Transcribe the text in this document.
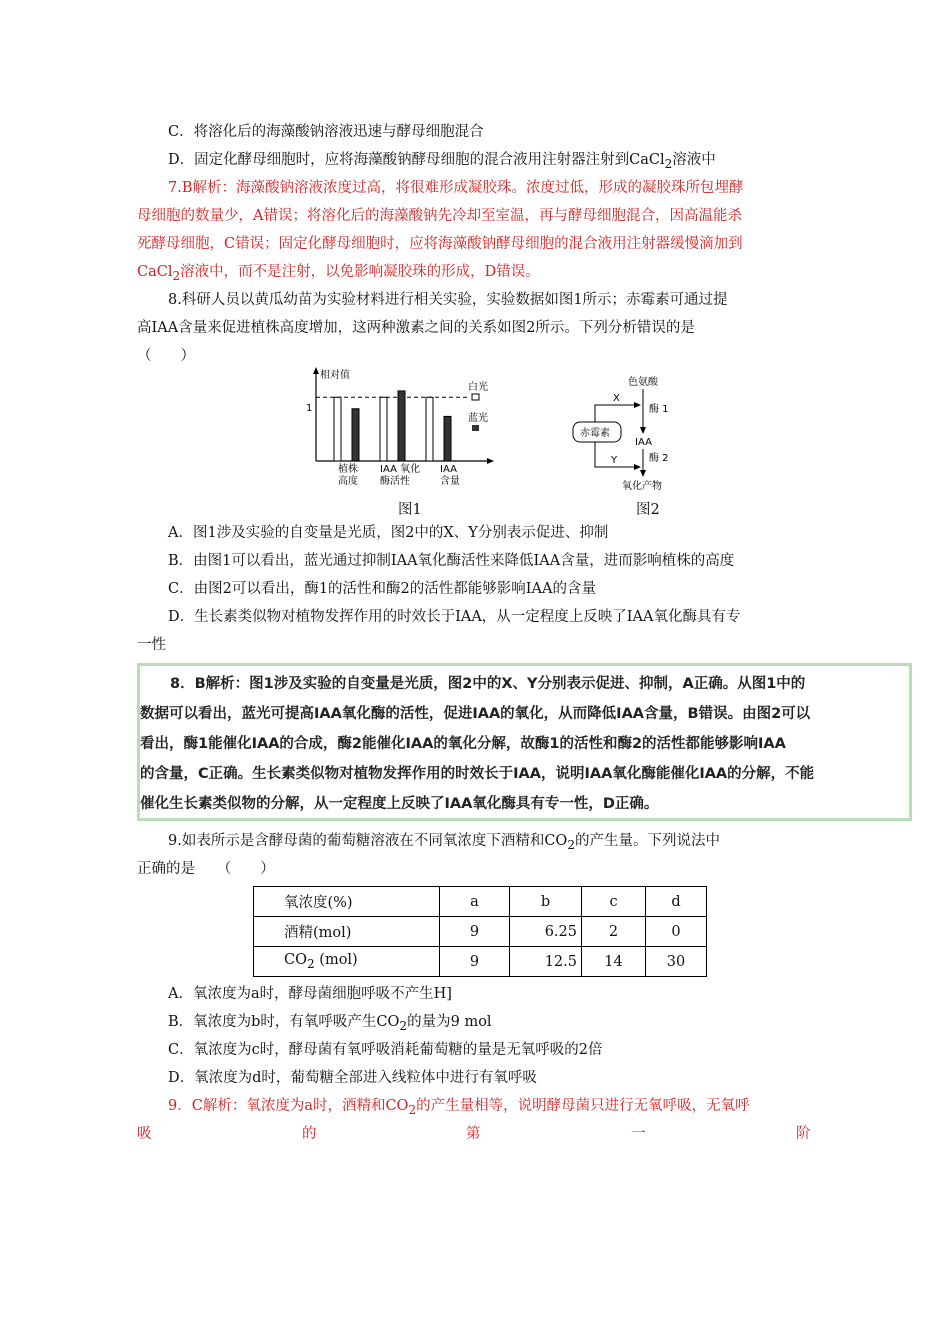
C．将溶化后的海藻酸钠溶液迅速与酵母细胞混合
D．固定化酵母细胞时，应将海藻酸钠酵母细胞的混合液用注射器注射到CaCl$_2$溶液中
7.B解析：海藻酸钠溶液浓度过高，将很难形成凝胶珠。浓度过低，形成的凝胶珠所包埋酵
母细胞的数量少，A错误；将溶化后的海藻酸钠先冷却至室温，再与酵母细胞混合，因高温能杀
死酵母细胞，C错误；固定化酵母细胞时，应将海藻酸钠酵母细胞的混合液用注射器缓慢滴加到
CaCl$_2$溶液中，而不是注射，以免影响凝胶珠的形成，D错误。
8.科研人员以黄瓜幼苗为实验材料进行相关实验，实验数据如图1所示；赤霉素可通过提
高IAA含量来促进植株高度增加，这两种激素之间的关系如图2所示。下列分析错误的是
（　　）
相对值
1
植株
高度
IAA 氧化
酶活性
IAA
含量
白光
蓝光
图1
色氨酸
酶 1
IAA
酶 2
氧化产物
赤霉素
X
Y
图2
A．图1涉及实验的自变量是光质，图2中的X、Y分别表示促进、抑制
B．由图1可以看出，蓝光通过抑制IAA氧化酶活性来降低IAA含量，进而影响植株的高度
C．由图2可以看出，酶1的活性和酶2的活性都能够影响IAA的含量
D．生长素类似物对植物发挥作用的时效长于IAA，从一定程度上反映了IAA氧化酶具有专
一性
8．B解析：图1涉及实验的自变量是光质，图2中的X、Y分别表示促进、抑制，A正确。从图1中的
数据可以看出，蓝光可提高IAA氧化酶的活性，促进IAA的氧化，从而降低IAA含量，B错误。由图2可以
看出，酶1能催化IAA的合成，酶2能催化IAA的氧化分解，故酶1的活性和酶2的活性都能够影响IAA
的含量，C正确。生长素类似物对植物发挥作用的时效长于IAA，说明IAA氧化酶能催化IAA的分解，不能
催化生长素类似物的分解，从一定程度上反映了IAA氧化酶具有专一性，D正确。
9.如表所示是含酵母菌的葡萄糖溶液在不同氧浓度下酒精和$CO_2$的产生量。下列说法中
正确的是　　（　　）
氧浓度(%)	a	b	c	d
酒精(mol)	9	6.25	2	0
$CO_2$ (mol)	9	12.5	14	30
A．氧浓度为a时，酵母菌细胞呼吸不产生H]
B．氧浓度为b时，有氧呼吸产生$CO_2$的量为9 mol
C．氧浓度为c时，酵母菌有氧呼吸消耗葡萄糖的量是无氧呼吸的2倍
D．氧浓度为d时，葡萄糖全部进入线粒体中进行有氧呼吸
9．C解析：氧浓度为a时，酒精和$CO_2$的产生量相等，说明酵母菌只进行无氧呼吸，无氧呼
吸	的	第	一	阶
